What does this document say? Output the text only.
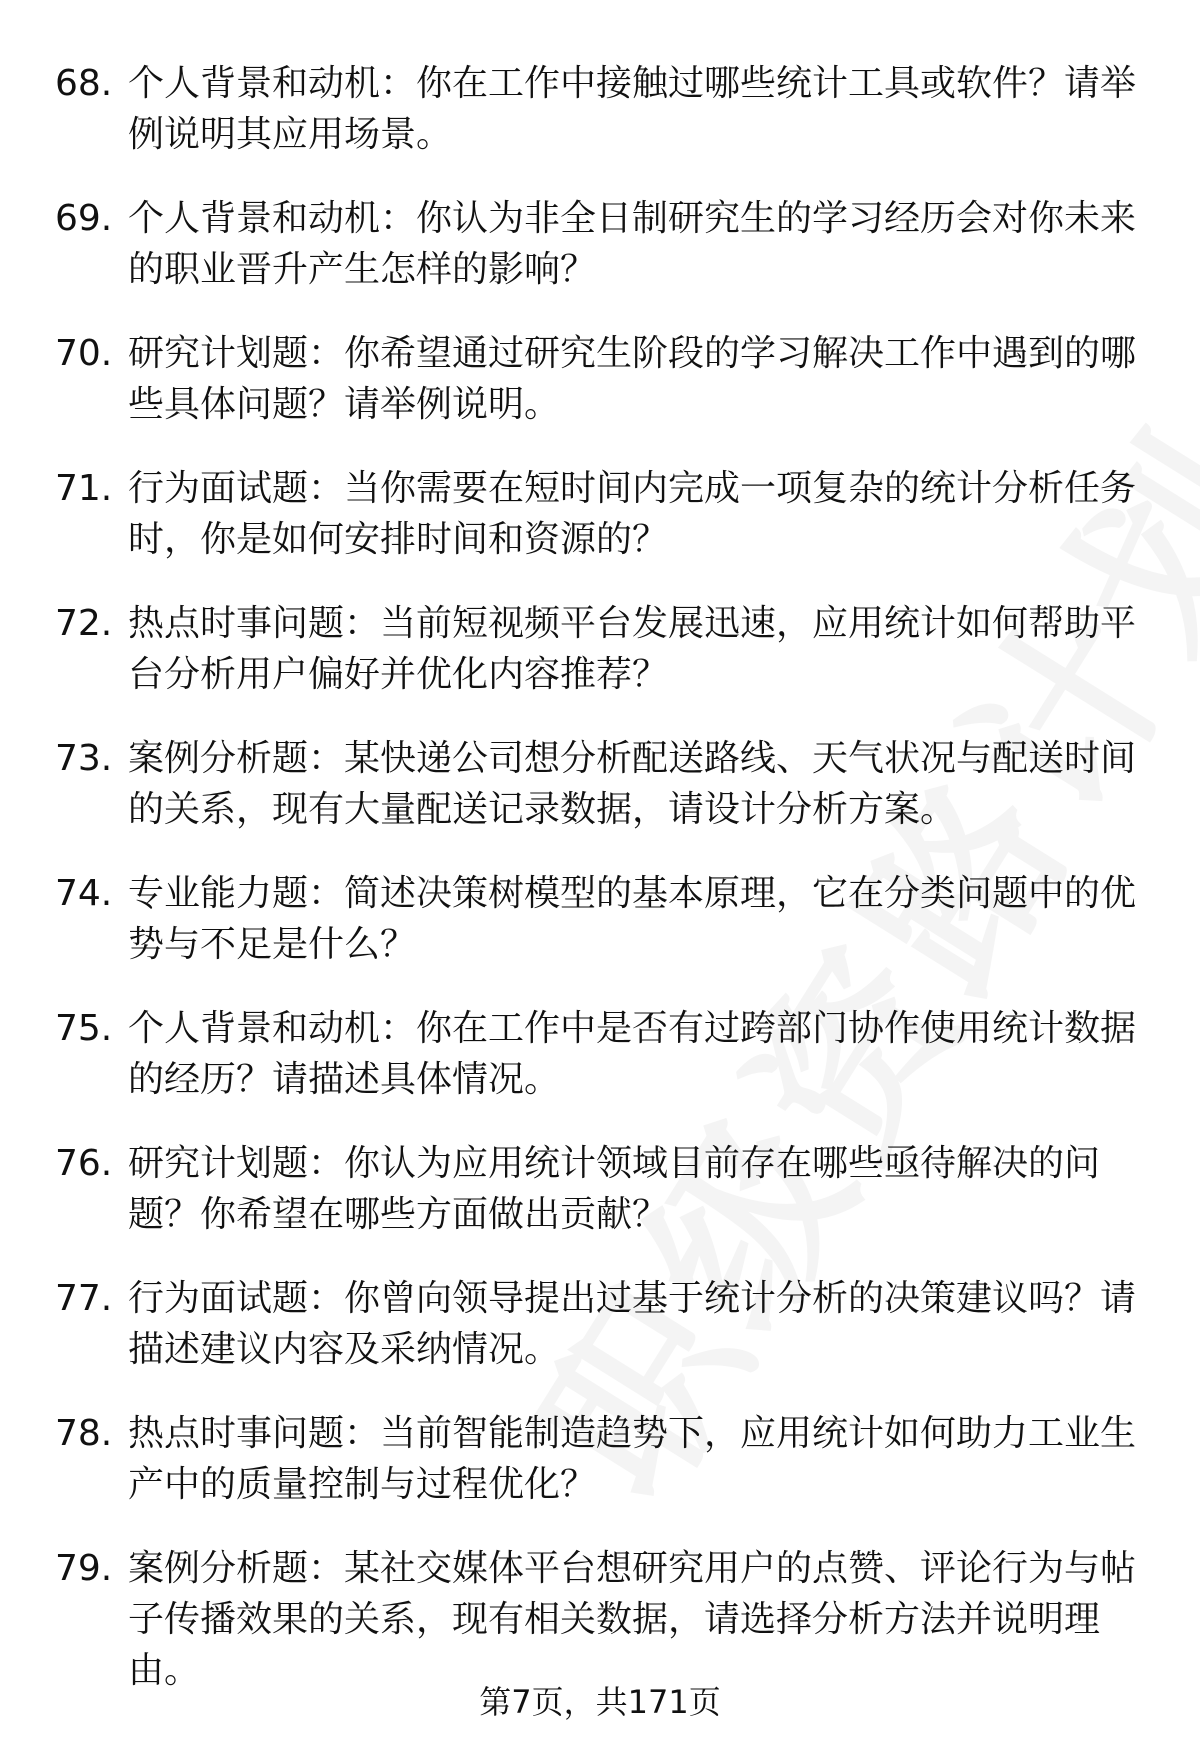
68. 个人背景和动机：你在工作中接触过哪些统计工具或软件？请举例说明其应用场景。
69. 个人背景和动机：你认为非全日制研究生的学习经历会对你未来的职业晋升产生怎样的影响？
70. 研究计划题：你希望通过研究生阶段的学习解决工作中遇到的哪些具体问题？请举例说明。
71. 行为面试题：当你需要在短时间内完成一项复杂的统计分析任务时，你是如何安排时间和资源的？
72. 热点时事问题：当前短视频平台发展迅速，应用统计如何帮助平台分析用户偏好并优化内容推荐？
73. 案例分析题：某快递公司想分析配送路线、天气状况与配送时间的关系，现有大量配送记录数据，请设计分析方案。
74. 专业能力题：简述决策树模型的基本原理，它在分类问题中的优势与不足是什么？
75. 个人背景和动机：你在工作中是否有过跨部门协作使用统计数据的经历？请描述具体情况。
76. 研究计划题：你认为应用统计领域目前存在哪些亟待解决的问题？你希望在哪些方面做出贡献？
77. 行为面试题：你曾向领导提出过基于统计分析的决策建议吗？请描述建议内容及采纳情况。
78. 热点时事问题：当前智能制造趋势下，应用统计如何助力工业生产中的质量控制与过程优化？
79. 案例分析题：某社交媒体平台想研究用户的点赞、评论行为与帖子传播效果的关系，现有相关数据，请选择分析方法并说明理由。
第7页，共171页
